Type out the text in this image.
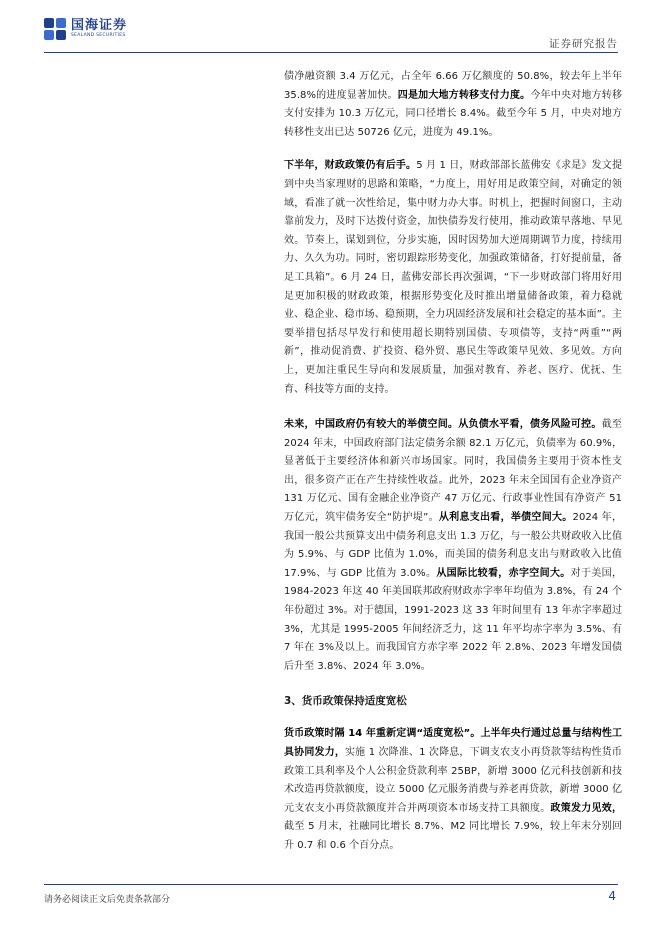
国海证券
SEALAND SECURITIES
证券研究报告

债净融资额 3.4 万亿元，占全年 6.66 万亿额度的 50.8%，较去年上半年 35.8%的进度显著加快。四是加大地方转移支付力度。今年中央对地方转移支付安排为 10.3 万亿元，同口径增长 8.4%。截至今年 5 月，中央对地方转移性支出已达 50726 亿元，进度为 49.1%。

下半年，财政政策仍有后手。5 月 1 日，财政部部长蓝佛安《求是》发文提到中央当家理财的思路和策略，“力度上，用好用足政策空间，对确定的领域，看准了就一次性给足，集中财力办大事。时机上，把握时间窗口，主动靠前发力，及时下达拨付资金，加快债券发行使用，推动政策早落地、早见效。节奏上，谋划到位，分步实施，因时因势加大逆周期调节力度，持续用力、久久为功。同时，密切跟踪形势变化，加强政策储备，打好提前量，备足工具箱”。6 月 24 日，蓝佛安部长再次强调，“下一步财政部门将用好用足更加积极的财政政策，根据形势变化及时推出增量储备政策，着力稳就业、稳企业、稳市场、稳预期，全力巩固经济发展和社会稳定的基本面”。主要举措包括尽早发行和使用超长期特别国债、专项债等，支持“两重”“两新”，推动促消费、扩投资、稳外贸、惠民生等政策早见效、多见效。方向上，更加注重民生导向和发展质量，加强对教育、养老、医疗、优抚、生育、科技等方面的支持。

未来，中国政府仍有较大的举债空间。从负债水平看，债务风险可控。截至 2024 年末，中国政府部门法定债务余额 82.1 万亿元，负债率为 60.9%，显著低于主要经济体和新兴市场国家。同时，我国债务主要用于资本性支出，很多资产正在产生持续性收益。此外，2023 年末全国国有企业净资产 131 万亿元、国有金融企业净资产 47 万亿元、行政事业性国有净资产 51 万亿元，筑牢债务安全“防护堤”。从利息支出看，举债空间大。2024 年，我国一般公共预算支出中债务利息支出 1.3 万亿，与一般公共财政收入比值为 5.9%、与 GDP 比值为 1.0%，而美国的债务利息支出与财政收入比值 17.9%、与 GDP 比值为 3.0%。从国际比较看，赤字空间大。对于美国，1984-2023 年这 40 年美国联邦政府财政赤字率年均值为 3.8%，有 24 个年份超过 3%。对于德国，1991-2023 这 33 年时间里有 13 年赤字率超过 3%，尤其是 1995-2005 年间经济乏力，这 11 年平均赤字率为 3.5%、有 7 年在 3%及以上。而我国官方赤字率 2022 年 2.8%、2023 年增发国债后升至 3.8%、2024 年 3.0%。

3、货币政策保持适度宽松

货币政策时隔 14 年重新定调“适度宽松”。上半年央行通过总量与结构性工具协同发力，实施 1 次降准、1 次降息，下调支农支小再贷款等结构性货币政策工具利率及个人公积金贷款利率 25BP，新增 3000 亿元科技创新和技术改造再贷款额度，设立 5000 亿元服务消费与养老再贷款，新增 3000 亿元支农支小再贷款额度并合并两项资本市场支持工具额度。政策发力见效，截至 5 月末，社融同比增长 8.7%、M2 同比增长 7.9%，较上年末分别回升 0.7 和 0.6 个百分点。

请务必阅读正文后免责条款部分	4
